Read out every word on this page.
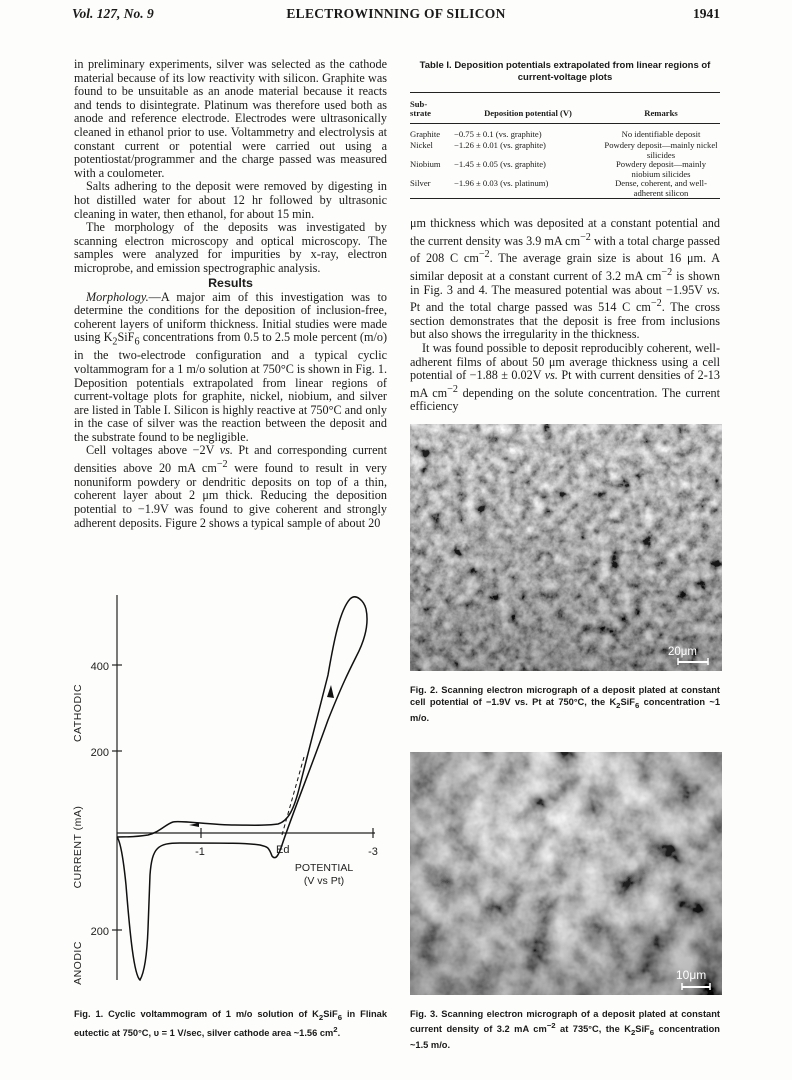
Vol. 127, No. 9	ELECTROWINNING OF SILICON	1941

in preliminary experiments, silver was selected as the cathode material because of its low reactivity with silicon. Graphite was found to be unsuitable as an anode material because it reacts and tends to disintegrate. Platinum was therefore used both as anode and reference electrode. Electrodes were ultrasonically cleaned in ethanol prior to use. Voltammetry and electrolysis at constant current or potential were carried out using a potentiostat/programmer and the charge passed was measured with a coulometer.

Salts adhering to the deposit were removed by digesting in hot distilled water for about 12 hr followed by ultrasonic cleaning in water, then ethanol, for about 15 min.

The morphology of the deposits was investigated by scanning electron microscopy and optical microscopy. The samples were analyzed for impurities by x-ray, electron microprobe, and emission spectrographic analysis.

Results

Morphology.—A major aim of this investigation was to determine the conditions for the deposition of inclusion-free, coherent layers of uniform thickness. Initial studies were made using $K_2SiF_6$ concentrations from 0.5 to 2.5 mole percent (m/o) in the two-electrode configuration and a typical cyclic voltammogram for a 1 m/o solution at 750°C is shown in Fig. 1. Deposition potentials extrapolated from linear regions of current-voltage plots for graphite, nickel, niobium, and silver are listed in Table I. Silicon is highly reactive at 750°C and only in the case of silver was the reaction between the deposit and the substrate found to be negligible.

Cell voltages above −2V vs. Pt and corresponding current densities above 20 mA $cm^{-2}$ were found to result in very nonuniform powdery or dendritic deposits on top of a thin, coherent layer about 2 μm thick. Reducing the deposition potential to −1.9V was found to give coherent and strongly adherent deposits. Figure 2 shows a typical sample of about 20

Table I. Deposition potentials extrapolated from linear regions of current-voltage plots
Sub-
strate	Deposition potential (V)	Remarks
Graphite	−0.75 ± 0.1 (vs. graphite)	No identifiable deposit
Nickel	−1.26 ± 0.01 (vs. graphite)	Powdery deposit—mainly nickel silicides
Niobium	−1.45 ± 0.05 (vs. graphite)	Powdery deposit—mainly niobium silicides
Silver	−1.96 ± 0.03 (vs. platinum)	Dense, coherent, and well-adherent silicon

μm thickness which was deposited at a constant potential and the current density was 3.9 mA $cm^{-2}$ with a total charge passed of 208 C $cm^{-2}$. The average grain size is about 16 μm. A similar deposit at a constant current of 3.2 mA $cm^{-2}$ is shown in Fig. 3 and 4. The measured potential was about −1.95V vs. Pt and the total charge passed was 514 C $cm^{-2}$. The cross section demonstrates that the deposit is free from inclusions but also shows the irregularity in the thickness.

It was found possible to deposit reproducibly coherent, well-adherent films of about 50 μm average thickness using a cell potential of −1.88 ± 0.02V vs. Pt with current densities of 2-13 mA $cm^{-2}$ depending on the solute concentration. The current efficiency

20μm
Fig. 2. Scanning electron micrograph of a deposit plated at constant cell potential of −1.9V vs. Pt at 750°C, the $K_2SiF_6$ concentration ~1 m/o.
10μm
Fig. 3. Scanning electron micrograph of a deposit plated at constant current density of 3.2 mA $cm^{-2}$ at 735°C, the $K_2SiF_6$ concentration ~1.5 m/o.
400
200
200
-1	-3
CATHODIC
CURRENT (mA)
ANODIC
POTENTIAL
(V vs Pt)
Ed
Fig. 1. Cyclic voltammogram of 1 m/o solution of $K_2SiF_6$ in Flinak eutectic at 750°C, υ = 1 V/sec, silver cathode area ~1.56 $cm^2$.
